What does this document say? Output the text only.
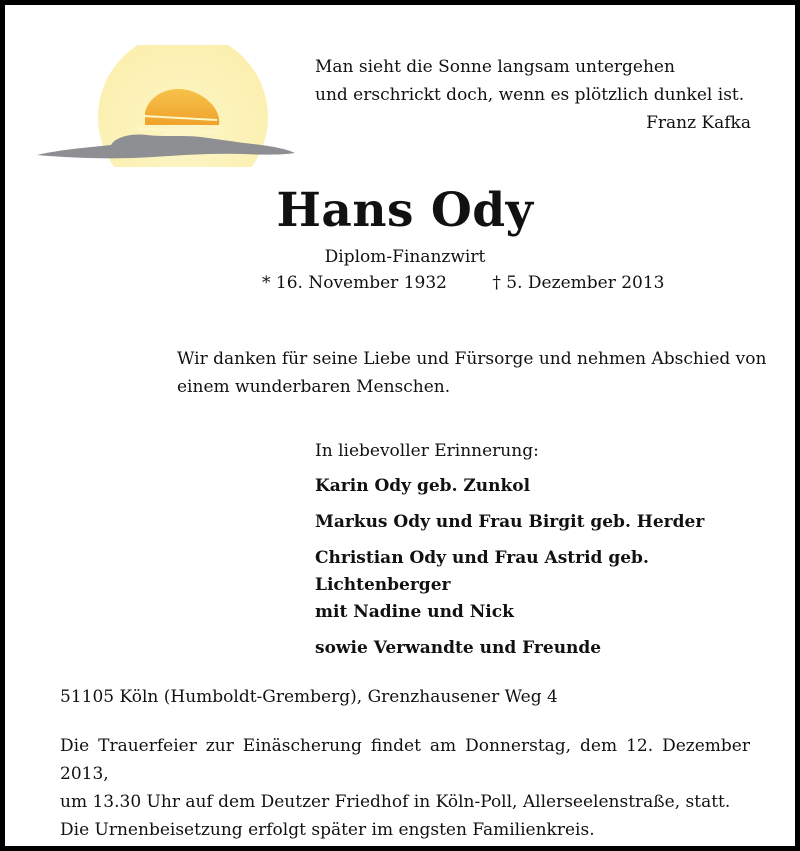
Man sieht die Sonne langsam untergehen
und erschrickt doch, wenn es plötzlich dunkel ist.
Franz Kafka
Hans Ody
Diplom-Finanzwirt
* 16. November 1932	† 5. Dezember 2013
Wir danken für seine Liebe und Fürsorge und nehmen Abschied von
einem wunderbaren Menschen.
In liebevoller Erinnerung:
Karin Ody geb. Zunkol
Markus Ody und Frau Birgit geb. Herder
Christian Ody und Frau Astrid geb. Lichtenberger
mit Nadine und Nick
sowie Verwandte und Freunde
51105 Köln (Humboldt-Gremberg), Grenzhausener Weg 4
Die Trauerfeier zur Einäscherung findet am Donnerstag, dem 12. Dezember 2013,
um 13.30 Uhr auf dem Deutzer Friedhof in Köln-Poll, Allerseelenstraße, statt.
Die Urnenbeisetzung erfolgt später im engsten Familienkreis.
